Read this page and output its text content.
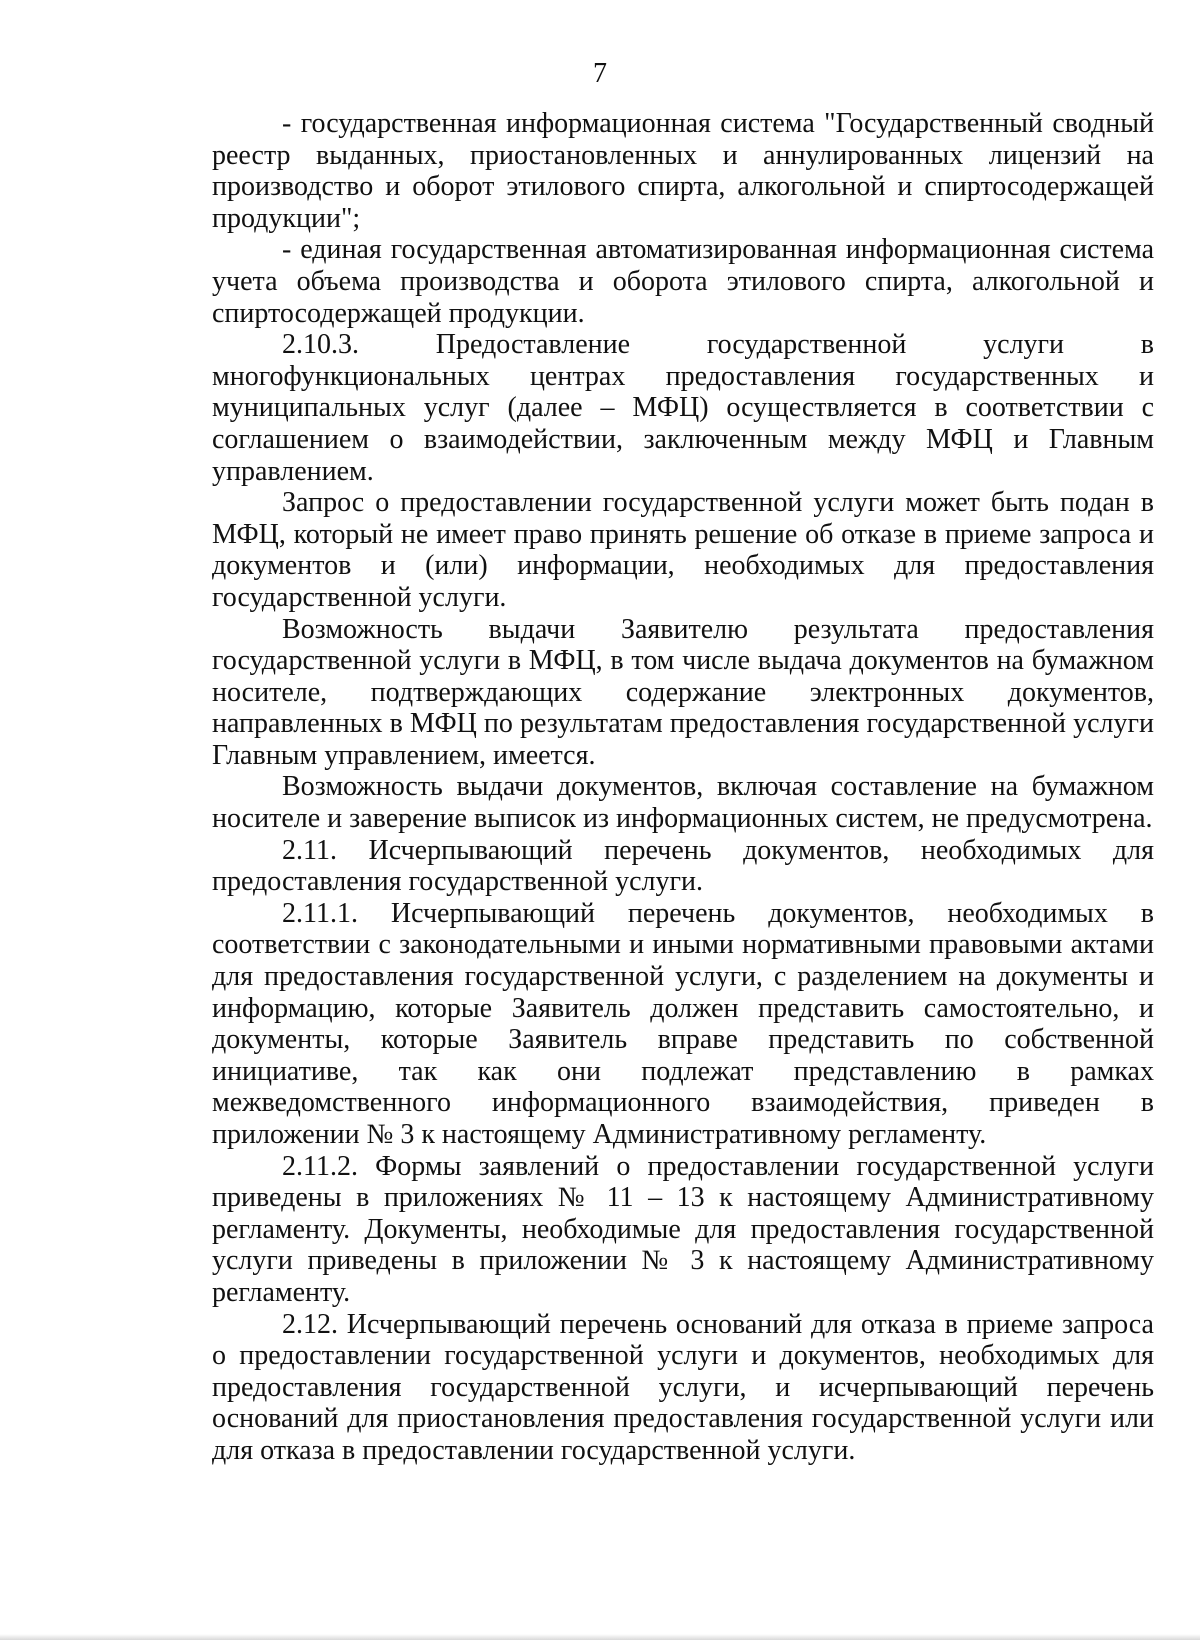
7

- государственная информационная система "Государственный сводный реестр выданных, приостановленных и аннулированных лицензий на производство и оборот этилового спирта, алкогольной и спиртосодержащей продукции";

- единая государственная автоматизированная информационная система учета объема производства и оборота этилового спирта, алкогольной и спиртосодержащей продукции.

2.10.3. Предоставление государственной услуги в многофункциональных центрах предоставления государственных и муниципальных услуг (далее – МФЦ) осуществляется в соответствии с соглашением о взаимодействии, заключенным между МФЦ и Главным управлением.

Запрос о предоставлении государственной услуги может быть подан в МФЦ, который не имеет право принять решение об отказе в приеме запроса и документов и (или) информации, необходимых для предоставления государственной услуги.

Возможность выдачи Заявителю результата предоставления государственной услуги в МФЦ, в том числе выдача документов на бумажном носителе, подтверждающих содержание электронных документов, направленных в МФЦ по результатам предоставления государственной услуги Главным управлением, имеется.

Возможность выдачи документов, включая составление на бумажном носителе и заверение выписок из информационных систем, не предусмотрена.

2.11. Исчерпывающий перечень документов, необходимых для предоставления государственной услуги.

2.11.1. Исчерпывающий перечень документов, необходимых в соответствии с законодательными и иными нормативными правовыми актами для предоставления государственной услуги, с разделением на документы и информацию, которые Заявитель должен представить самостоятельно, и документы, которые Заявитель вправе представить по собственной инициативе, так как они подлежат представлению в рамках межведомственного информационного взаимодействия, приведен в приложении № 3 к настоящему Административному регламенту.

2.11.2. Формы заявлений о предоставлении государственной услуги приведены в приложениях № 11 – 13 к настоящему Административному регламенту. Документы, необходимые для предоставления государственной услуги приведены в приложении № 3 к настоящему Административному регламенту.

2.12. Исчерпывающий перечень оснований для отказа в приеме запроса о предоставлении государственной услуги и документов, необходимых для предоставления государственной услуги, и исчерпывающий перечень оснований для приостановления предоставления государственной услуги или для отказа в предоставлении государственной услуги.
